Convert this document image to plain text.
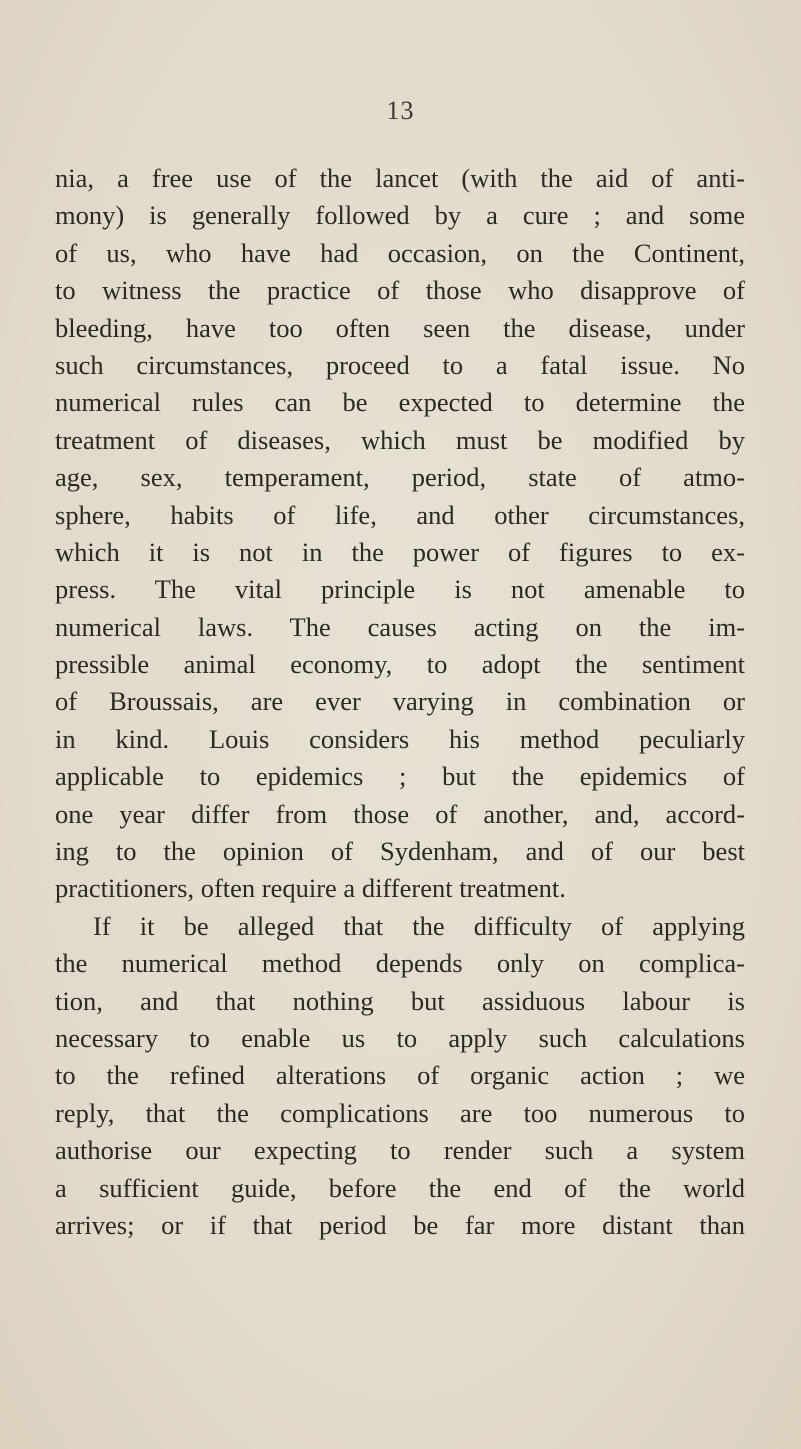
13
nia, a free use of the lancet (with the aid of anti-
mony) is generally followed by a cure ; and some
of us, who have had occasion, on the Continent,
to witness the practice of those who disapprove of
bleeding, have too often seen the disease, under
such circumstances, proceed to a fatal issue. No
numerical rules can be expected to determine the
treatment of diseases, which must be modified by
age, sex, temperament, period, state of atmo-
sphere, habits of life, and other circumstances,
which it is not in the power of figures to ex-
press. The vital principle is not amenable to
numerical laws. The causes acting on the im-
pressible animal economy, to adopt the sentiment
of Broussais, are ever varying in combination or
in kind. Louis considers his method peculiarly
applicable to epidemics ; but the epidemics of
one year differ from those of another, and, accord-
ing to the opinion of Sydenham, and of our best
practitioners, often require a different treatment.
If it be alleged that the difficulty of applying
the numerical method depends only on complica-
tion, and that nothing but assiduous labour is
necessary to enable us to apply such calculations
to the refined alterations of organic action ; we
reply, that the complications are too numerous to
authorise our expecting to render such a system
a sufficient guide, before the end of the world
arrives; or if that period be far more distant than
